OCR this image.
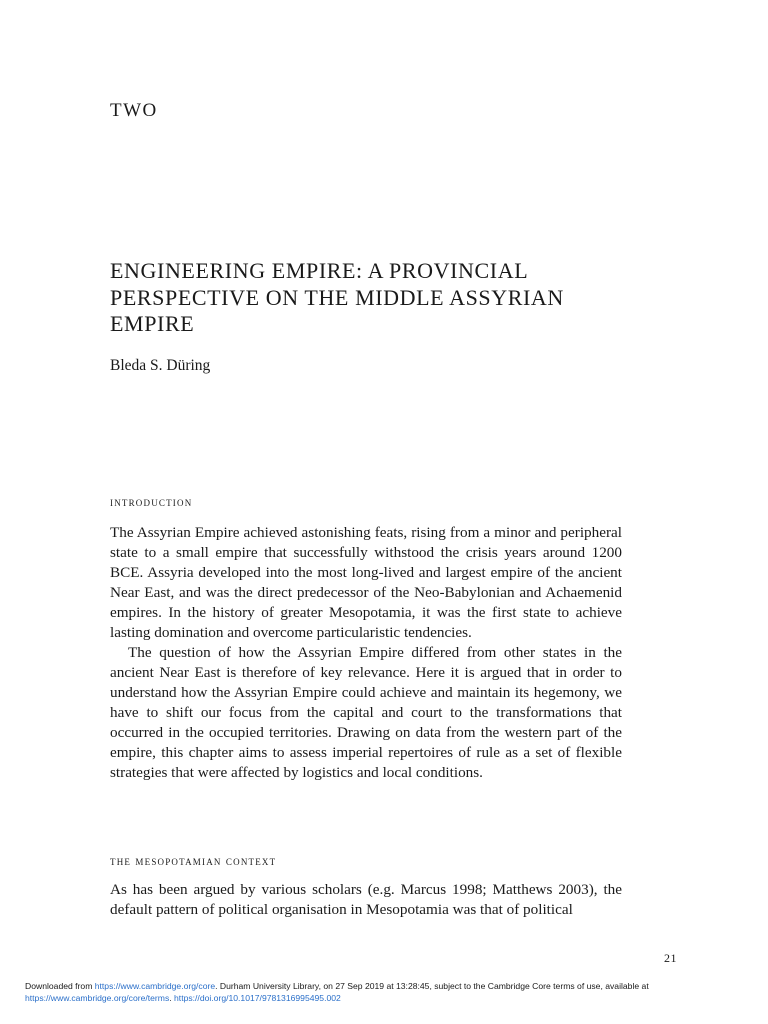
TWO
ENGINEERING EMPIRE: A PROVINCIAL PERSPECTIVE ON THE MIDDLE ASSYRIAN EMPIRE

Bleda S. Düring

introduction

The Assyrian Empire achieved astonishing feats, rising from a minor and peripheral state to a small empire that successfully withstood the crisis years around 1200 BCE. Assyria developed into the most long-lived and largest empire of the ancient Near East, and was the direct predecessor of the Neo-Babylonian and Achaemenid empires. In the history of greater Mesopotamia, it was the first state to achieve lasting domination and overcome particularistic tendencies.

The question of how the Assyrian Empire differed from other states in the ancient Near East is therefore of key relevance. Here it is argued that in order to understand how the Assyrian Empire could achieve and maintain its hegemony, we have to shift our focus from the capital and court to the transformations that occurred in the occupied territories. Drawing on data from the western part of the empire, this chapter aims to assess imperial repertoires of rule as a set of flexible strategies that were affected by logistics and local conditions.

the mesopotamian context

As has been argued by various scholars (e.g. Marcus 1998; Matthews 2003), the default pattern of political organisation in Mesopotamia was that of political

21
Downloaded from https://www.cambridge.org/core. Durham University Library, on 27 Sep 2019 at 13:28:45, subject to the Cambridge Core terms of use, available at
https://www.cambridge.org/core/terms. https://doi.org/10.1017/9781316995495.002
